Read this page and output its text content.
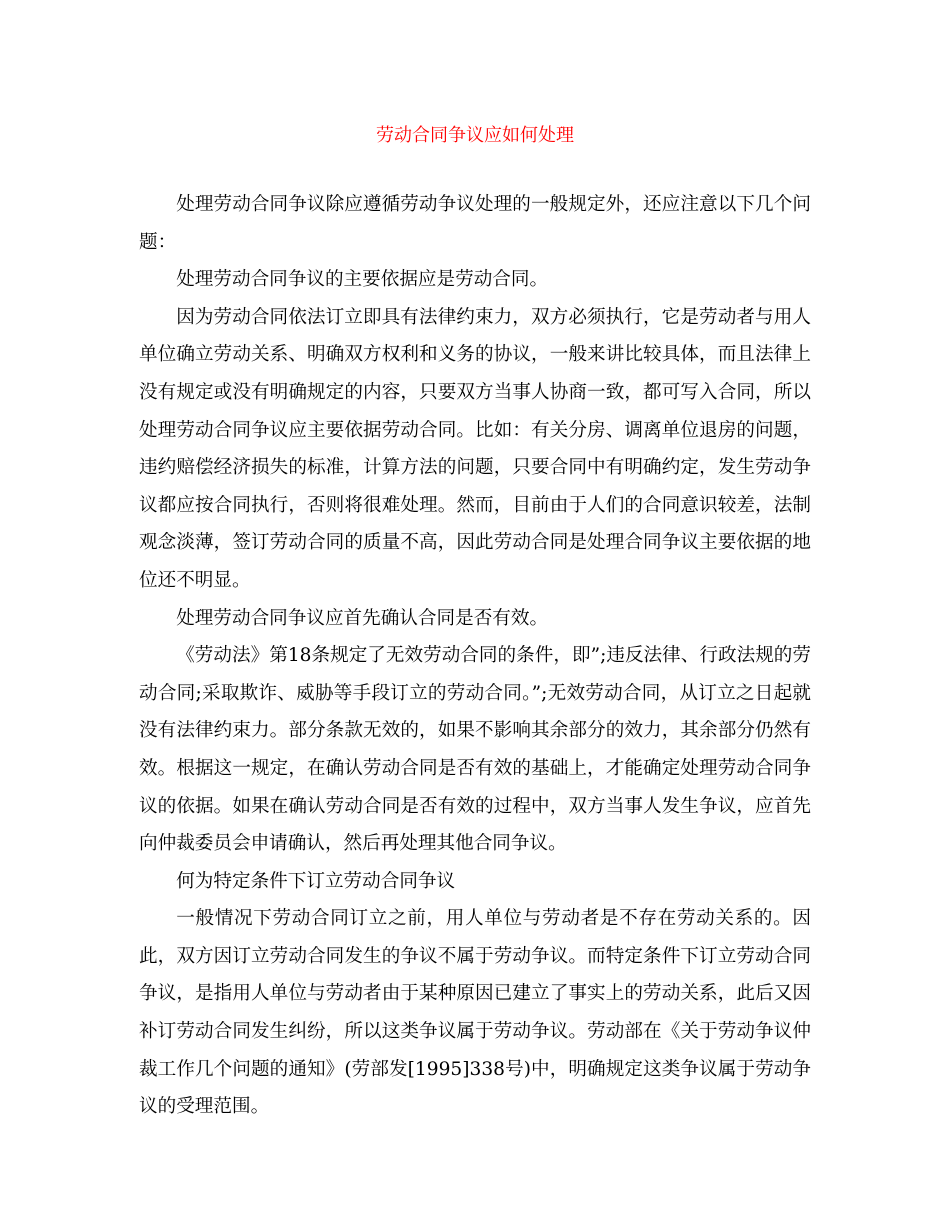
劳动合同争议应如何处理

处理劳动合同争议除应遵循劳动争议处理的一般规定外，还应注意以下几个问题：

处理劳动合同争议的主要依据应是劳动合同。

因为劳动合同依法订立即具有法律约束力，双方必须执行，它是劳动者与用人单位确立劳动关系、明确双方权利和义务的协议，一般来讲比较具体，而且法律上没有规定或没有明确规定的内容，只要双方当事人协商一致，都可写入合同，所以处理劳动合同争议应主要依据劳动合同。比如：有关分房、调离单位退房的问题，违约赔偿经济损失的标准，计算方法的问题，只要合同中有明确约定，发生劳动争议都应按合同执行，否则将很难处理。然而，目前由于人们的合同意识较差，法制观念淡薄，签订劳动合同的质量不高，因此劳动合同是处理合同争议主要依据的地位还不明显。

处理劳动合同争议应首先确认合同是否有效。

《劳动法》第18条规定了无效劳动合同的条件，即”;违反法律、行政法规的劳动合同;采取欺诈、威胁等手段订立的劳动合同。”;无效劳动合同，从订立之日起就没有法律约束力。部分条款无效的，如果不影响其余部分的效力，其余部分仍然有效。根据这一规定，在确认劳动合同是否有效的基础上，才能确定处理劳动合同争议的依据。如果在确认劳动合同是否有效的过程中，双方当事人发生争议，应首先向仲裁委员会申请确认，然后再处理其他合同争议。

何为特定条件下订立劳动合同争议

一般情况下劳动合同订立之前，用人单位与劳动者是不存在劳动关系的。因此，双方因订立劳动合同发生的争议不属于劳动争议。而特定条件下订立劳动合同争议，是指用人单位与劳动者由于某种原因已建立了事实上的劳动关系，此后又因补订劳动合同发生纠纷，所以这类争议属于劳动争议。劳动部在《关于劳动争议仲裁工作几个问题的通知》(劳部发[1995]338号)中，明确规定这类争议属于劳动争议的受理范围。
